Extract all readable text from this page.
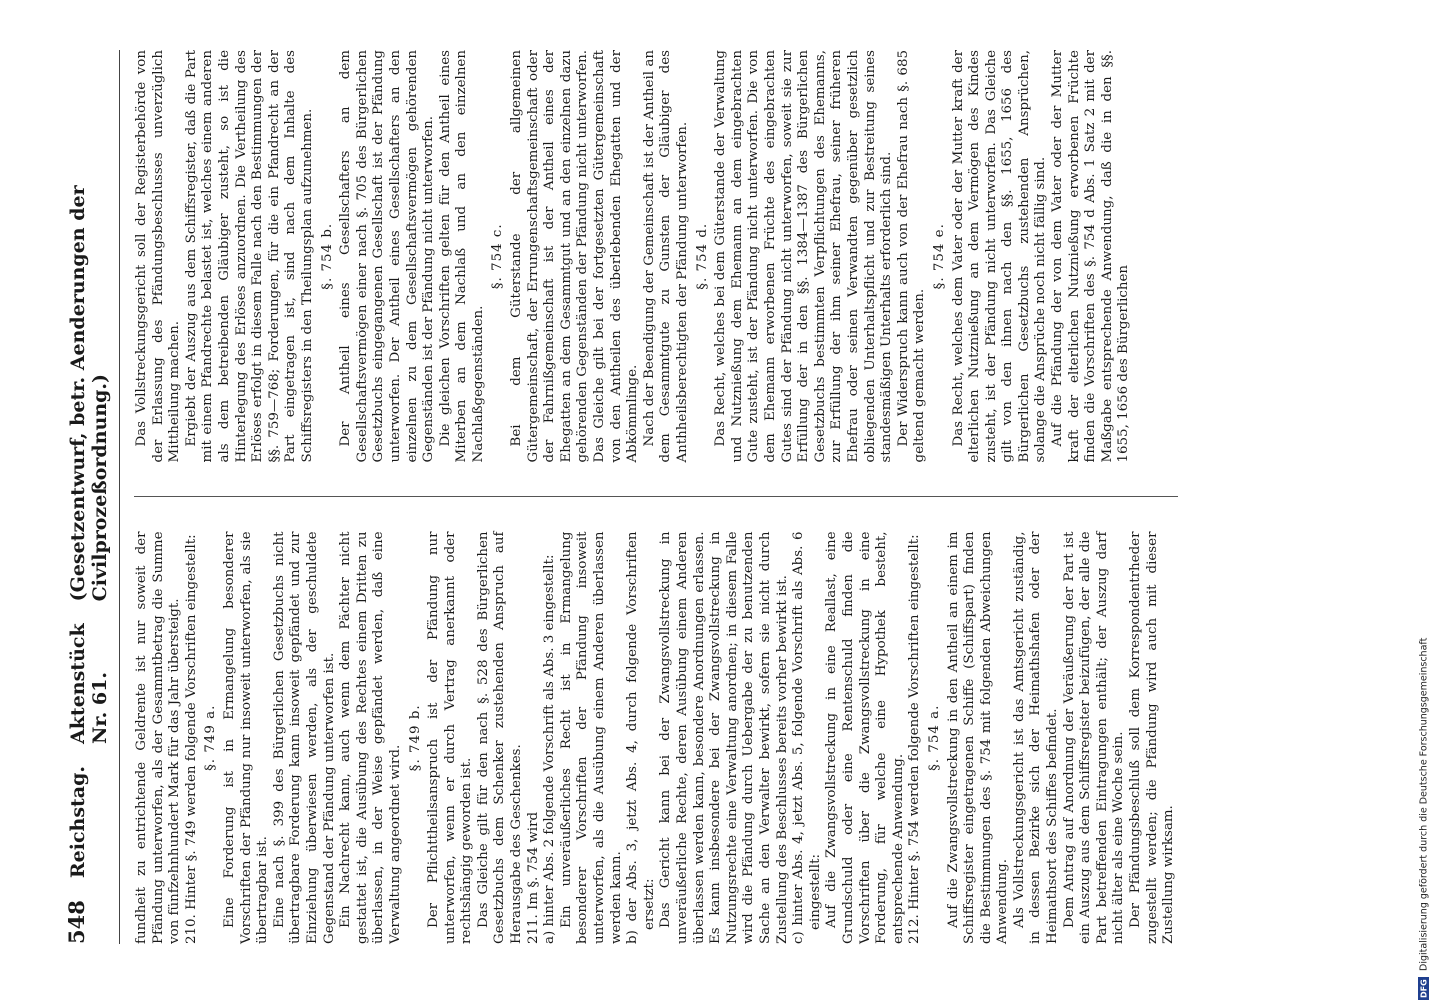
548
Reichstag.
Aktenstück Nr. 61.
(Gesetzentwurf, betr. Aenderungen der Civilprozeßordnung.)

fundheit zu entrichtende Geldrente ist nur soweit der Pfändung unterworfen, als der Gesammtbetrag die Summe von fünfzehnhundert Mark für das Jahr übersteigt. 210. Hinter §. 749 werden folgende Vorschriften eingestellt: §. 749 a. Eine Forderung ist in Ermangelung besonderer Vorschriften der Pfändung nur insoweit unterworfen, als sie übertragbar ist. Eine nach §. 399 des Bürgerlichen Gesetzbuchs nicht übertragbare Forderung kann insoweit gepfändet und zur Einziehung überwiesen werden, als der geschuldete Gegenstand der Pfändung unterworfen ist. Ein Nachrecht kann, auch wenn dem Pächter nicht gestattet ist, die Ausübung des Rechtes einem Dritten zu überlassen, in der Weise gepfändet werden, daß eine Verwaltung angeordnet wird.

§. 749 b. Der Pflichttheilsanspruch ist der Pfändung nur unterworfen, wenn er durch Vertrag anerkannt oder rechtshängig geworden ist. Das Gleiche gilt für den nach §. 528 des Bürgerlichen Gesetzbuchs dem Schenker zustehenden Anspruch auf Herausgabe des Geschenkes. 211. Im §. 754 wird a) hinter Abs. 2 folgende Vorschrift als Abs. 3 eingestellt: Ein unveräußerliches Recht ist in Ermangelung besonderer Vorschriften der Pfändung insoweit unterworfen, als die Ausübung einem Anderen überlassen werden kann. b) der Abs. 3, jetzt Abs. 4, durch folgende Vorschriften ersetzt: Das Gericht kann bei der Zwangsvollstreckung in unveräußerliche Rechte, deren Ausübung einem Anderen überlassen werden kann, besondere Anordnungen erlassen. Es kann insbesondere bei der Zwangsvollstreckung in Nutzungsrechte eine Verwaltung anordnen; in diesem Falle wird die Pfändung durch Uebergabe der zu benutzenden Sache an den Verwalter bewirkt, sofern sie nicht durch Zustellung des Beschlusses bereits vorher bewirkt ist. c) hinter Abs. 4, jetzt Abs. 5, folgende Vorschrift als Abs. 6 eingestellt: Auf die Zwangsvollstreckung in eine Reallast, eine Grundschuld oder eine Rentenschuld finden die Vorschriften über die Zwangsvollstreckung in eine Forderung, für welche eine Hypothek besteht, entsprechende Anwendung. 212. Hinter §. 754 werden folgende Vorschriften eingestellt: §. 754 a. Auf die Zwangsvollstreckung in den Antheil an einem im Schiffsregister eingetragenen Schiffe (Schiffspart) finden die Bestimmungen des §. 754 mit folgenden Abweichungen Anwendung. Als Vollstreckungsgericht ist das Amtsgericht zuständig, in dessen Bezirke sich der Heimathshafen oder der Heimathsort des Schiffes befindet. Dem Antrag auf Anordnung der Veräußerung der Part ist ein Auszug aus dem Schiffsregister beizufügen, der alle die Part betreffenden Eintragungen enthält; der Auszug darf nicht älter als eine Woche sein. Der Pfändungsbeschluß soll dem Korrespondentrheder zugestellt werden; die Pfändung wird auch mit dieser Zustellung wirksam.

Das Vollstreckungsgericht soll der Registerbehörde von der Erlassung des Pfändungsbeschlusses unverzüglich Mittheilung machen. Ergiebt der Auszug aus dem Schiffsregister, daß die Part mit einem Pfandrechte belastet ist, welches einem anderen als dem betreibenden Gläubiger zusteht, so ist die Hinterlegung des Erlöses anzuordnen. Die Vertheilung des Erlöses erfolgt in diesem Falle nach den Bestimmungen der §§. 759—768; Forderungen, für die ein Pfandrecht an der Part eingetragen ist, sind nach dem Inhalte des Schiffsregisters in den Theilungsplan aufzunehmen. §. 754 b. Der Antheil eines Gesellschafters an dem Gesellschaftsvermögen einer nach §. 705 des Bürgerlichen Gesetzbuchs eingegangenen Gesellschaft ist der Pfändung unterworfen. Der Antheil eines Gesellschafters an den einzelnen zu dem Gesellschaftsvermögen gehörenden Gegenständen ist der Pfändung nicht unterworfen. Die gleichen Vorschriften gelten für den Antheil eines Miterben an dem Nachlaß und an den einzelnen Nachlaßgegenständen.

§. 754 c. Bei dem Güterstande der allgemeinen Gütergemeinschaft, der Errungenschaftsgemeinschaft oder der Fahrnißgemeinschaft ist der Antheil eines der Ehegatten an dem Gesammtgut und an den einzelnen dazu gehörenden Gegenständen der Pfändung nicht unterworfen. Das Gleiche gilt bei der fortgesetzten Gütergemeinschaft von den Antheilen des überlebenden Ehegatten und der Abkömmlinge. Nach der Beendigung der Gemeinschaft ist der Antheil an dem Gesammtgute zu Gunsten der Gläubiger des Anthheilsberechtigten der Pfändung unterworfen. §. 754 d. Das Recht, welches bei dem Güterstande der Verwaltung und Nutznießung dem Ehemann an dem eingebrachten Gute zusteht, ist der Pfändung nicht unterworfen. Die von dem Ehemann erworbenen Früchte des eingebrachten Gutes sind der Pfändung nicht unterworfen, soweit sie zur Erfüllung der in den §§. 1384—1387 des Bürgerlichen Gesetzbuchs bestimmten Verpflichtungen des Ehemanns, zur Erfüllung der ihm seiner Ehefrau, seiner früheren Ehefrau oder seinen Verwandten gegenüber gesetzlich obliegenden Unterhaltspflicht und zur Bestreitung seines standesmäßigen Unterhalts erforderlich sind. Der Widerspruch kann auch von der Ehefrau nach §. 685 geltend gemacht werden.

§. 754 e. Das Recht, welches dem Vater oder der Mutter kraft der elterlichen Nutznießung an dem Vermögen des Kindes zusteht, ist der Pfändung nicht unterworfen. Das Gleiche gilt von den ihnen nach den §§. 1655, 1656 des Bürgerlichen Gesetzbuchs zustehenden Ansprüchen, solange die Ansprüche noch nicht fällig sind. Auf die Pfändung der von dem Vater oder der Mutter kraft der elterlichen Nutznießung erworbenen Früchte finden die Vorschriften des §. 754 d Abs. 1 Satz 2 mit der Maßgabe entsprechende Anwendung, daß die in den §§. 1655, 1656 des Bürgerlichen

DFG
Digitalisierung gefördert durch die Deutsche Forschungsgemeinschaft
